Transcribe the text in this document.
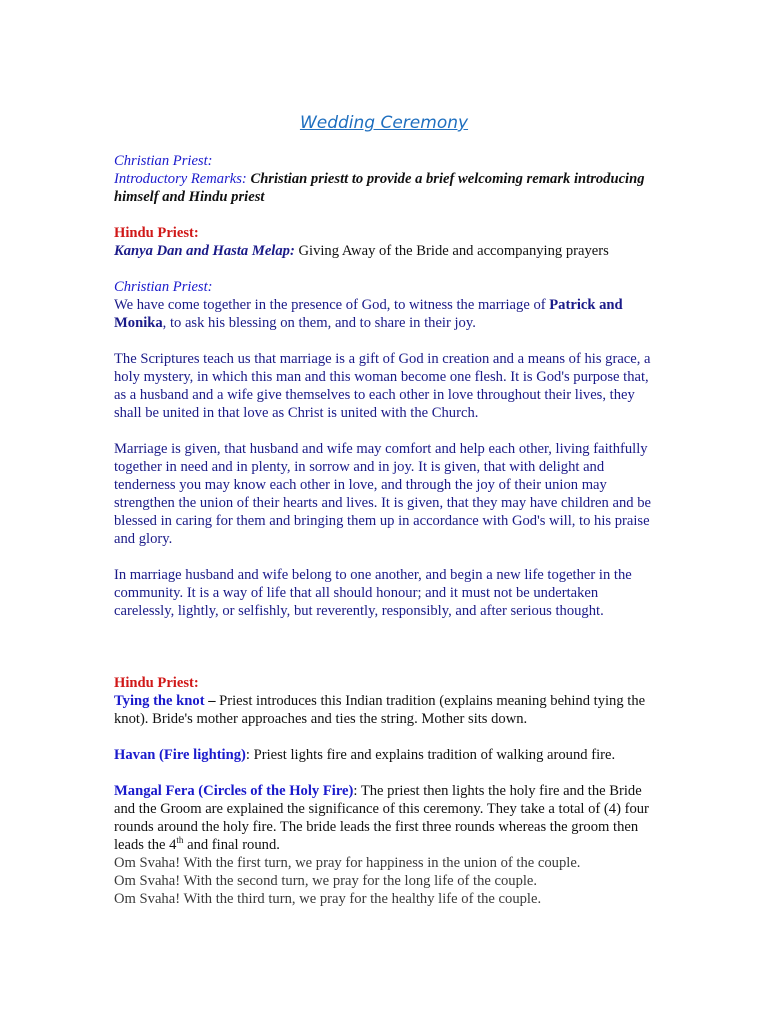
Wedding Ceremony
Christian Priest:
Introductory Remarks: Christian priestt to provide a brief welcoming remark introducing himself and Hindu priest
Hindu Priest:
Kanya Dan and Hasta Melap: Giving Away of the Bride and accompanying prayers
Christian Priest:
We have come together in the presence of God, to witness the marriage of Patrick and Monika, to ask his blessing on them, and to share in their joy.

The Scriptures teach us that marriage is a gift of God in creation and a means of his grace, a holy mystery, in which this man and this woman become one flesh. It is God's purpose that, as a husband and a wife give themselves to each other in love throughout their lives, they shall be united in that love as Christ is united with the Church.

Marriage is given, that husband and wife may comfort and help each other, living faithfully together in need and in plenty, in sorrow and in joy. It is given, that with delight and tenderness you may know each other in love, and through the joy of their union may strengthen the union of their hearts and lives. It is given, that they may have children and be blessed in caring for them and bringing them up in accordance with God's will, to his praise and glory.

In marriage husband and wife belong to one another, and begin a new life together in the community. It is a way of life that all should honour; and it must not be undertaken carelessly, lightly, or selfishly, but reverently, responsibly, and after serious thought.

Hindu Priest:
Tying the knot – Priest introduces this Indian tradition (explains meaning behind tying the knot). Bride's mother approaches and ties the string. Mother sits down.
Havan (Fire lighting): Priest lights fire and explains tradition of walking around fire.
Mangal Fera (Circles of the Holy Fire): The priest then lights the holy fire and the Bride and the Groom are explained the significance of this ceremony. They take a total of (4) four rounds around the holy fire. The bride leads the first three rounds whereas the groom then leads the 4th and final round.
Om Svaha! With the first turn, we pray for happiness in the union of the couple.
Om Svaha! With the second turn, we pray for the long life of the couple.
Om Svaha! With the third turn, we pray for the healthy life of the couple.
